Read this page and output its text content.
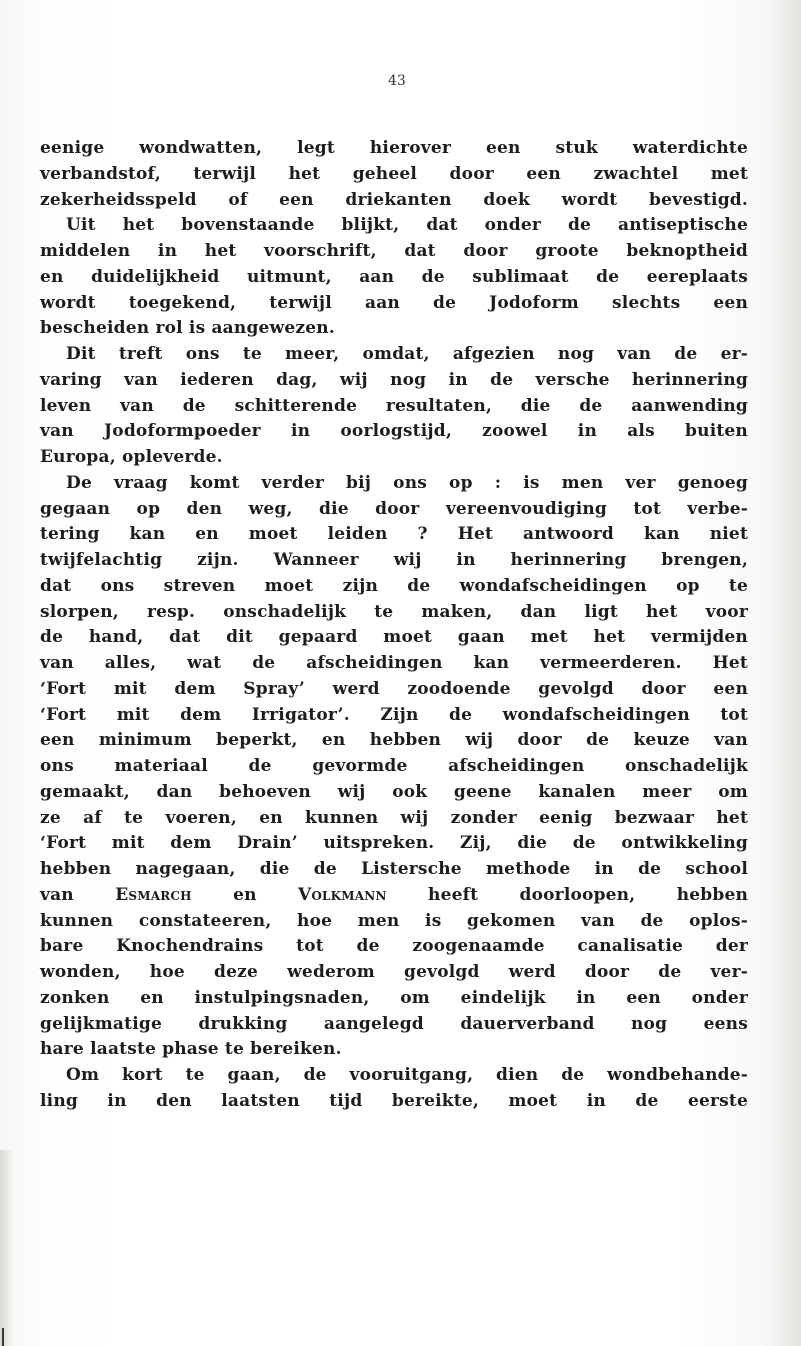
43
eenige wondwatten, legt hierover een stuk waterdichte
verbandstof, terwijl het geheel door een zwachtel met
zekerheidsspeld of een driekanten doek wordt bevestigd.
Uit het bovenstaande blijkt, dat onder de antiseptische
middelen in het voorschrift, dat door groote beknoptheid
en duidelijkheid uitmunt, aan de sublimaat de eereplaats
wordt toegekend, terwijl aan de Jodoform slechts een
bescheiden rol is aangewezen.
Dit treft ons te meer, omdat, afgezien nog van de er-
varing van iederen dag, wij nog in de versche herinnering
leven van de schitterende resultaten, die de aanwending
van Jodoformpoeder in oorlogstijd, zoowel in als buiten
Europa, opleverde.
De vraag komt verder bij ons op : is men ver genoeg
gegaan op den weg, die door vereenvoudiging tot verbe-
tering kan en moet leiden ? Het antwoord kan niet
twijfelachtig zijn. Wanneer wij in herinnering brengen,
dat ons streven moet zijn de wondafscheidingen op te
slorpen, resp. onschadelijk te maken, dan ligt het voor
de hand, dat dit gepaard moet gaan met het vermijden
van alles, wat de afscheidingen kan vermeerderen. Het
‘Fort mit dem Spray’ werd zoodoende gevolgd door een
‘Fort mit dem Irrigator’. Zijn de wondafscheidingen tot
een minimum beperkt, en hebben wij door de keuze van
ons materiaal de gevormde afscheidingen onschadelijk
gemaakt, dan behoeven wij ook geene kanalen meer om
ze af te voeren, en kunnen wij zonder eenig bezwaar het
‘Fort mit dem Drain’ uitspreken. Zij, die de ontwikkeling
hebben nagegaan, die de Listersche methode in de school
van Esmarch en Volkmann heeft doorloopen, hebben
kunnen constateeren, hoe men is gekomen van de oplos-
bare Knochendrains tot de zoogenaamde canalisatie der
wonden, hoe deze wederom gevolgd werd door de ver-
zonken en instulpingsnaden, om eindelijk in een onder
gelijkmatige drukking aangelegd dauerverband nog eens
hare laatste phase te bereiken.
Om kort te gaan, de vooruitgang, dien de wondbehande-
ling in den laatsten tijd bereikte, moet in de eerste
